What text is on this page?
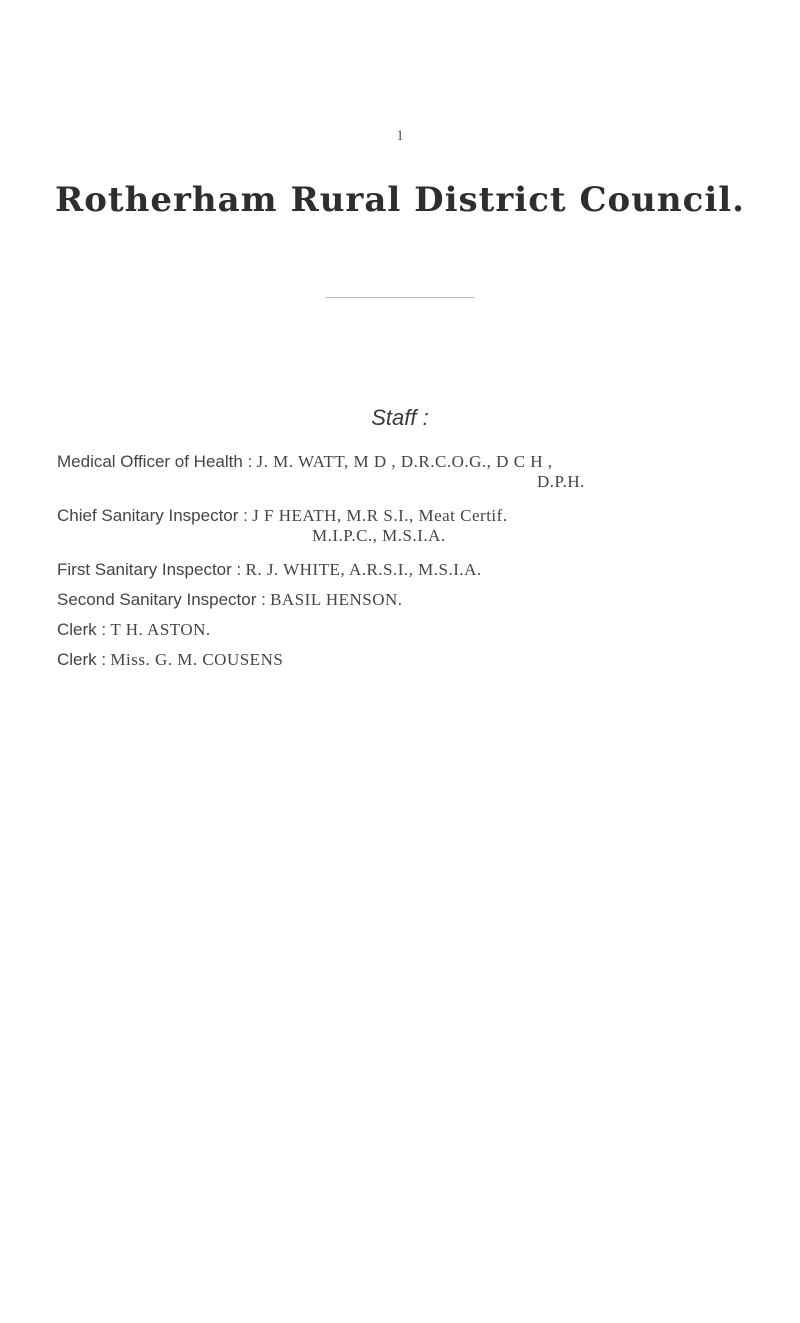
1
Rotherham Rural District Council.
Staff :
Medical Officer of Health : J. M. WATT, M D , D.R.C.O.G., D C H ,
D.P.H.
Chief Sanitary Inspector : J F HEATH, M.R S.I., Meat Certif.
M.I.P.C., M.S.I.A.
First Sanitary Inspector : R. J. WHITE, A.R.S.I., M.S.I.A.
Second Sanitary Inspector : BASIL HENSON.
Clerk : T H. ASTON.
Clerk : Miss. G. M. COUSENS
